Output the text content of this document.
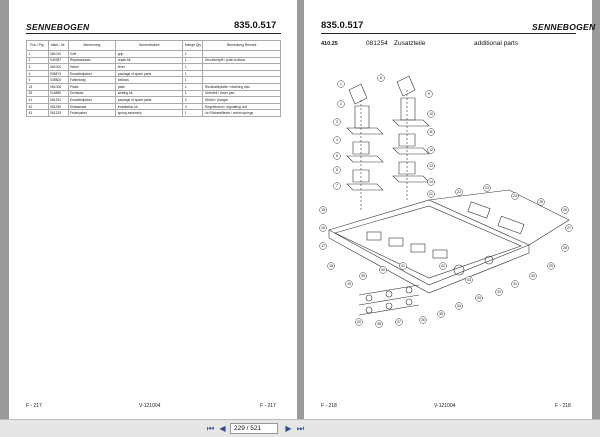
SENNEBOGEN	835.0.517
Pos./ Pig.	Ident.- Nr.	Benennung	Nomenclature	Menge Qty	Bemerkung Remark
1	081010	Griff	grip	1	
2	040387	Reparatursatz	repair kit	1	Druckknöpfe / push buttons
3	081004	Hebel	lever	1	
4	056873	Ersatzteilpaket	package of spare parts	1	
9	039804	Faltenbalg	bellows	1	
15	081006	Platte	plate	1	Rückhalteplatte / retaining disc
35	016880	Dichtsatz	sealing kit	1	Unterteil / lower part
41	081251	Ersatzteilpaket	package of spare parts	2	Stößel / plunger
42	081250	Einbausatz	installation kit	4	Regelelment / regulating unit
43	081253	Federpaket	spring assembly	1	4x Rückstellfeder / return springs
F - 217	V-121004	F - 217
835.0.517	SENNEBOGEN
410.25	081254 Zusatzteile	additional parts
1
2
3
4
5
6
7
8
9
10
11
12
13
14
15
16
17
18
19
20
21	22
23
24
25
26
27
28
29
30
31
32
33
34
35
36
37
38
39
40
41	42
43
F - 218	V-121004	F - 218
⏮ ◀	229 / 521	▶ ⏭
